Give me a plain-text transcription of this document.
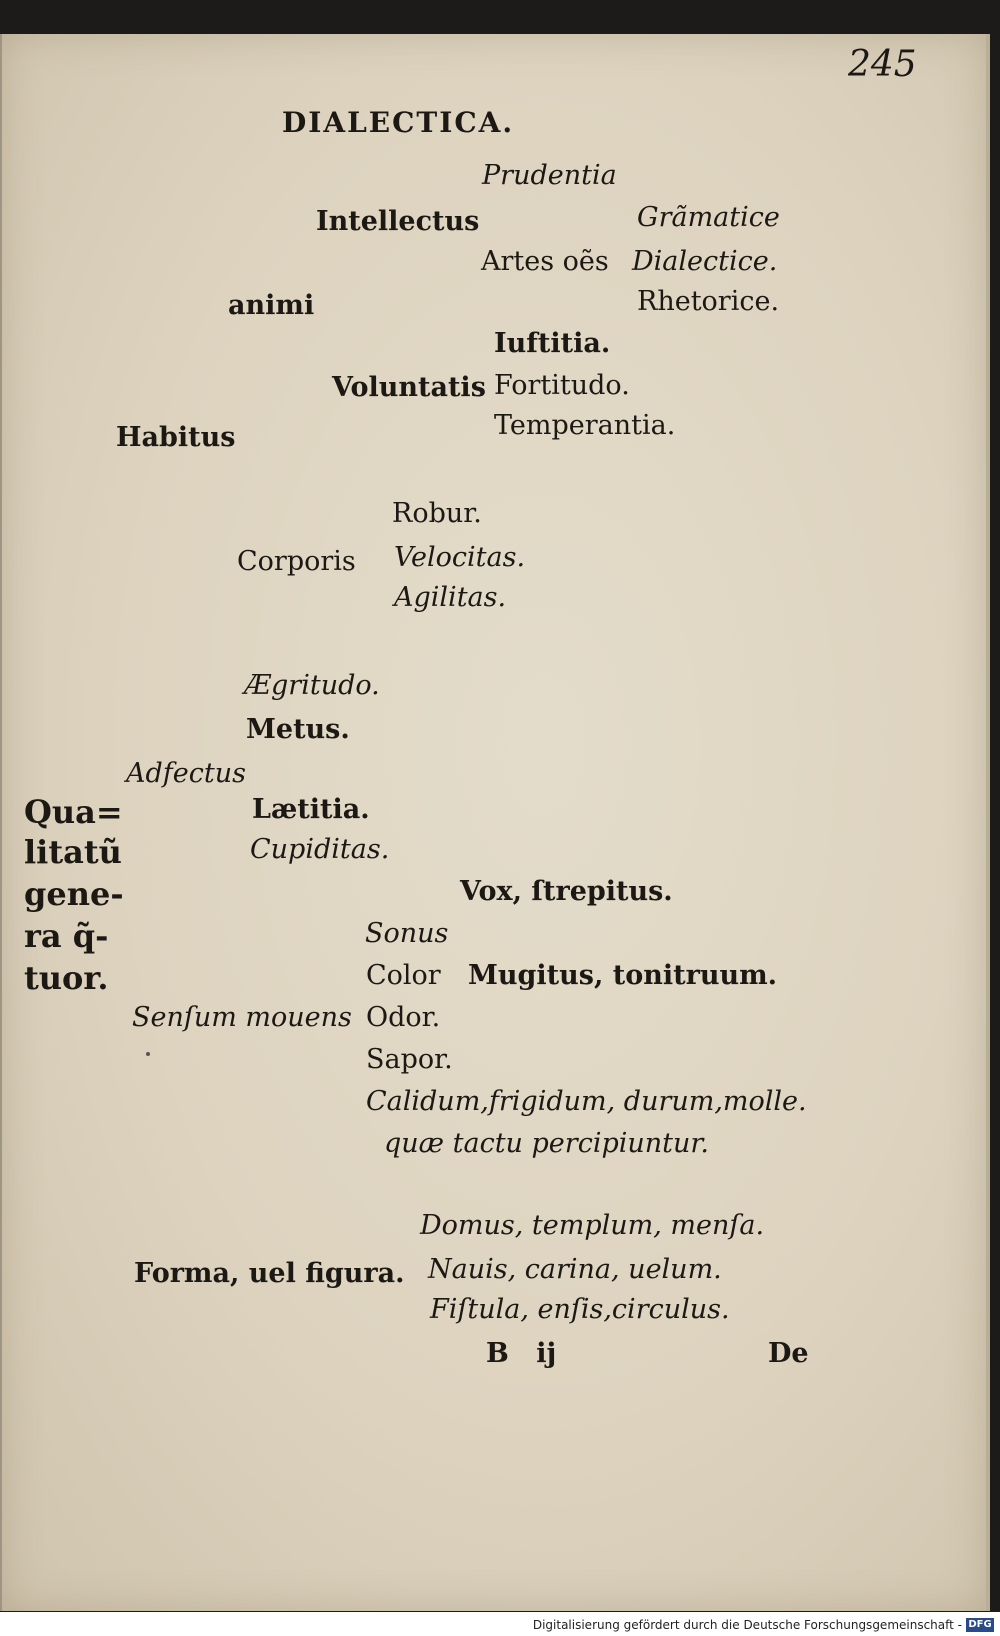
245
DIALECTICA.
Prudentia
Intellectus	Grãmatice
Artes oẽs Dialectice.
animi	Rhetorice.
Iuftitia.
Voluntatis Fortitudo.
Habitus	Temperantia.
Robur.
Corporis Velocitas.
Agilitas.
Ægritudo.
Metus.
Adfectus
Lætitia.
Cupiditas.
Qua=
litatũ
gene-
ra q̃-
tuor.
Vox, ſtrepitus.
Sonus
Color Mugitus, tonitruum.
Senſum mouens Odor.
Sapor.
Calidum,frigidum, durum,molle.
quæ tactu percipiuntur.
Domus, templum, menſa.
Forma, uel figura. Nauis, carina, uelum.
Fiſtula, enſis,circulus.
B ij	De
Digitalisierung gefördert durch die Deutsche Forschungsgemeinschaft - DFG
